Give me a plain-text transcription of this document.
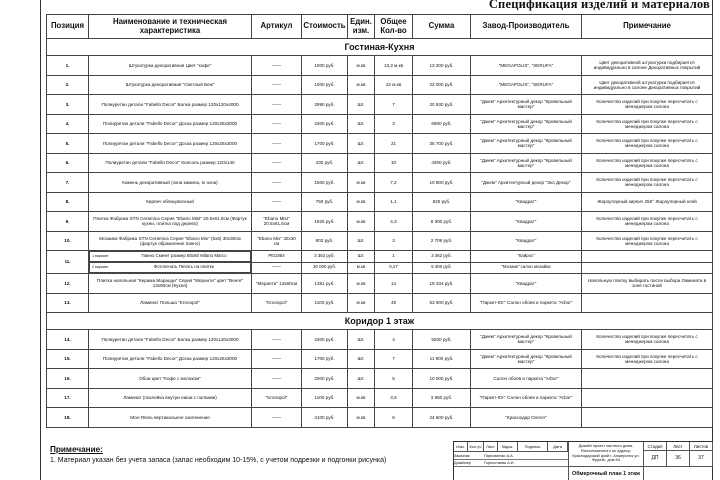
Спецификация изделий и материалов
Позиция	Наименование и техническая характеристика	Артикул	Стоимость	Един. изм.	Общее Кол-во	Сумма	Завод-Производитель	Примечание
Гостиная-Кухня								
1.	Штукатурка декоративная Цвет "кофе"	——	1000 руб.	м.кв	13,2 м.кв	13 200 руб.	"MEGAPOLIS", "SERUFA"	Цвет декоративной штукатурки подбирается индивидуально в салоне Декоративных покрытий
2.	Штукатурка декоративная "Светлый Беж"	——	1000 руб.	м.кв	22 м.кв	22 000 руб.	"MEGAPOLIS", "SERUFA"	Цвет декоративной штукатурки подбирается индивидуально в салоне Декоративных покрытий
3.	Полиуретан детали "Fabello Decor" Балка размер 120х120х4000	——	2990 руб.	Шт.	7	20 930 руб.	"Джем" Архитектурный декор "Кровельный мастер"	Количество изделий при покупке пересчитать с менеджером салона
4.	Полиуретан детали "Fabello Decor" Доска размер 120х25х3000	——	2300 руб.	Шт.	3	6900 руб.	"Джем" Архитектурный декор "Кровельный мастер"	Количество изделий при покупке пересчитать с менеджером салона
5.	Полиуретан детали "Fabello Decor" Доска размер 120х25х3000	——	1700 руб.	Шт.	21	35 700 руб.	"Джем" Архитектурный декор "Кровельный мастер"	Количество изделий при покупке пересчитать с менеджером салона
6.	Полиуретан детали "Fabello Decor" Консоль размер 120х140	——	430 руб.	Шт.	10	4300 руб.	"Джем" Архитектурный декор "Кровельный мастер"	Количество изделий при покупке пересчитать с менеджером салона
7.	Камень декоративный (зона камина, tv зона)	——	1500 руб.	м.кв	7,2	10 800 руб.	"Джем" Архитектурный декор "Эко Декор"	Количество изделий при покупке пересчитать с менеджером салона
8.	Кирпич облицовочный	——	750 руб.	м.кв	1,1	825 руб.	"Квадрат"	Жароупорный кирпич 250° Жароупорный клей
9.	Плитка Фабрика STN Ceramica Серия "Ebano Mist" 20.5х61.5см (Фартук кухни, плитка под дерево)	"Ebano Mist" 20.5х61.5см	1925 руб.	м.кв	4,3	8 300 руб.	"Квадрат"	Количество изделий при покупке пересчитать с менеджером салона
10.	Мозаика Фабрика STN Ceramica Серия "Ebano Mix" (5х5) 30х30см (фартук обрамление панно)	"Ebano Mix" 30х30 см	903 руб.	Шт.	3	2 709 руб.	"Квадрат"	Количество изделий при покупке пересчитать с менеджером салона
11.	
1 вариант	Панно Скинет размер 80х60 Milano Marco	Pt01864	3 362 руб.	Шт.	1	3 362 руб.	"Кайрос"	

2 вариант	Фотопечать Печать на плитке	——	20 000 руб.	м.кв	0,27	5 400 руб.	"Мозаик" салон мозайки	
12.	Плитка напольная "Керама Марацци" Серия "Меранти" цвет "Венге" 13х80см (Кухня)	"Меранти" 13х80см	1381 руб.	м.кв	14	19 334 руб.	"Квадрат"	Напольную плитку выбирать после выбора Ламината в зоне гостиной
13.	Ламинат Польша "Kronopol"	"Kronopol"	1100 руб.	м.кв	49	53 900 руб.	"Паркет-Юг" Салон обоев и паркета "Arbor"	
Коридор 1 этаж								
14.	Полиуретан детали "Fabello Decor" Балка размер 120х120х3000	——	2300 руб.	Шт.	4	9200 руб.	"Джем" Архитектурный декор "Кровельный мастер"	Количество изделий при покупке пересчитать с менеджером салона
15.	Полиуретан детали "Fabello Decor" Доска размер 120х25х3000	——	1700 руб.	Шт.	7	11 900 руб.	"Джем" Архитектурный декор "Кровельный мастер"	Количество изделий при покупке пересчитать с менеджером салона
16.	Обои цвет "Кофе с молоком"	——	2000 руб.	Шт.	5	10 000 руб.	Салон обоев и паркета "Arbor"	
17.	Ламинат (поклейка внутри ниши с полками)	"Kronopol"	1100 руб.	м.кв	3,6	3 960 руб.	"Паркет-Юг" Салон обоев и паркета "Arbor"	
18.	Мох-Ягель вертикальное озеленение	——	4100 руб.	м.кв	6	24 600 руб.	"Краснодар Олеоп"	
Примечание:
1. Материал указан без учета запаса (запас необходим 10-15%, с учетом подрезки и подгонки рисунка)
Изм.	Кол.уч	Лист	№док.	Подпись	Дата
Заказчик	Пархоменко А.А.
Дизайнер	Горностаева А.И.
Дизайн проект частного дома. Расположенного по адресу: Краснодарский край г. Апшеронск ул. Фрунзе, дом 84
Стадия
ДП
Лист
36
Листов
37
Обмерочный план 1 этаж
